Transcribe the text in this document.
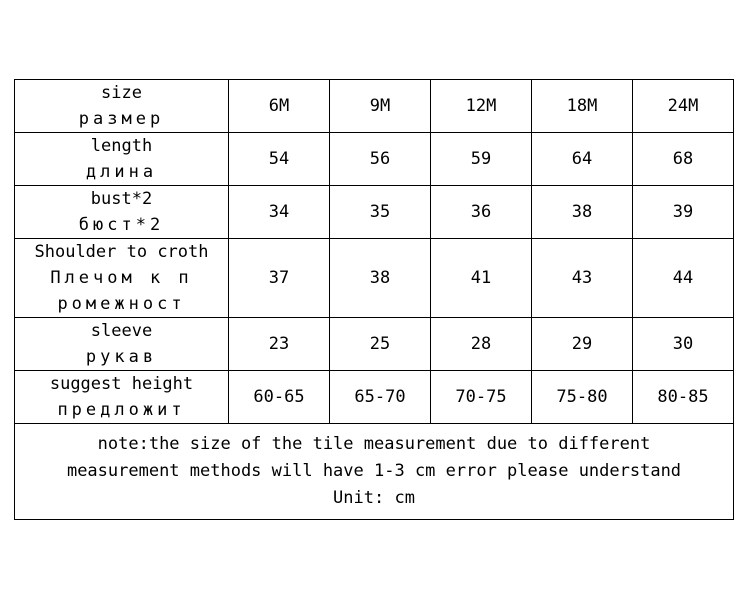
size
размер	6M	9M	12M	18M	24M

length
длина	54	56	59	64	68

bust*2
бюст*2	34	35	36	38	39

Shoulder to croth
Плечом к п
ромежност	37	38	41	43	44

sleeve
рукав	23	25	28	29	30

suggest height
предложит	60-65	65-70	70-75	75-80	80-85

note:the size of the tile measurement due to different
measurement methods will have 1-3 cm error please understand
Unit: cm					
